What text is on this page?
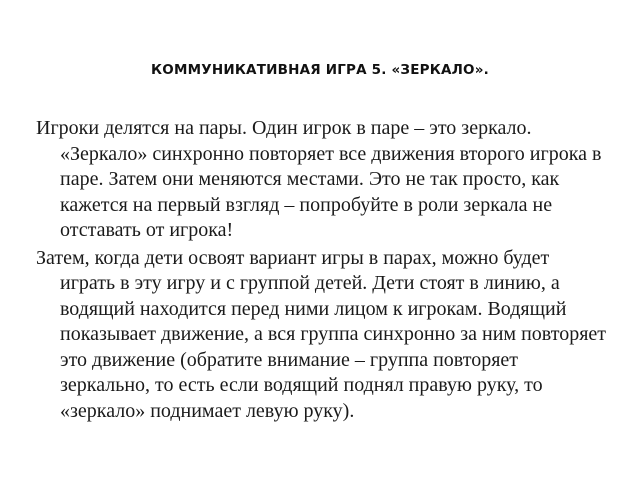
КОММУНИКАТИВНАЯ ИГРА 5. «ЗЕРКАЛО».

Игроки делятся на пары. Один игрок в паре – это зеркало. «Зеркало» синхронно повторяет все движения второго игрока в паре. Затем они меняются местами. Это не так просто, как кажется на первый взгляд – попробуйте в роли зеркала не отставать от игрока!

Затем, когда дети освоят вариант игры в парах, можно будет играть в эту игру и с группой детей. Дети стоят в линию, а водящий находится перед ними лицом к игрокам. Водящий показывает движение, а вся группа синхронно за ним повторяет это движение (обратите внимание – группа повторяет зеркально, то есть если водящий поднял правую руку, то «зеркало» поднимает левую руку).
